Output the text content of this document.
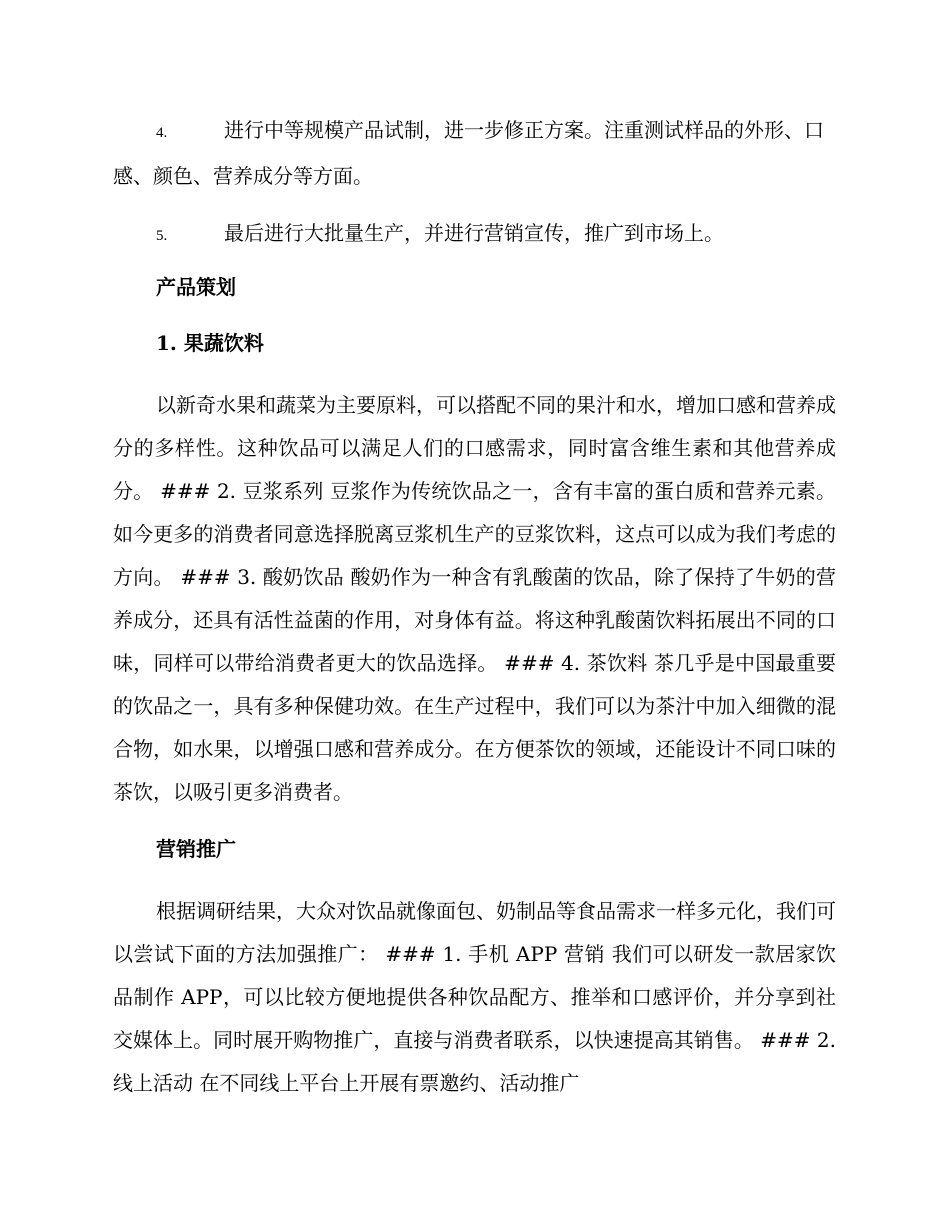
4.	进行中等规模产品试制，进一步修正方案。注重测试样品的外形、口感、颜色、营养成分等方面。

5.	最后进行大批量生产，并进行营销宣传，推广到市场上。

产品策划
1. 果蔬饮料

以新奇水果和蔬菜为主要原料，可以搭配不同的果汁和水，增加口感和营养成分的多样性。这种饮品可以满足人们的口感需求，同时富含维生素和其他营养成分。 ### 2. 豆浆系列 豆浆作为传统饮品之一，含有丰富的蛋白质和营养元素。如今更多的消费者同意选择脱离豆浆机生产的豆浆饮料，这点可以成为我们考虑的方向。 ### 3. 酸奶饮品 酸奶作为一种含有乳酸菌的饮品，除了保持了牛奶的营养成分，还具有活性益菌的作用，对身体有益。将这种乳酸菌饮料拓展出不同的口味，同样可以带给消费者更大的饮品选择。 ### 4. 茶饮料 茶几乎是中国最重要的饮品之一，具有多种保健功效。在生产过程中，我们可以为茶汁中加入细微的混合物，如水果，以增强口感和营养成分。在方便茶饮的领域，还能设计不同口味的茶饮，以吸引更多消费者。

营销推广

根据调研结果，大众对饮品就像面包、奶制品等食品需求一样多元化，我们可以尝试下面的方法加强推广： ### 1. 手机 APP 营销 我们可以研发一款居家饮品制作 APP，可以比较方便地提供各种饮品配方、推举和口感评价，并分享到社交媒体上。同时展开购物推广，直接与消费者联系，以快速提高其销售。 ### 2. 线上活动 在不同线上平台上开展有票邀约、活动推广
